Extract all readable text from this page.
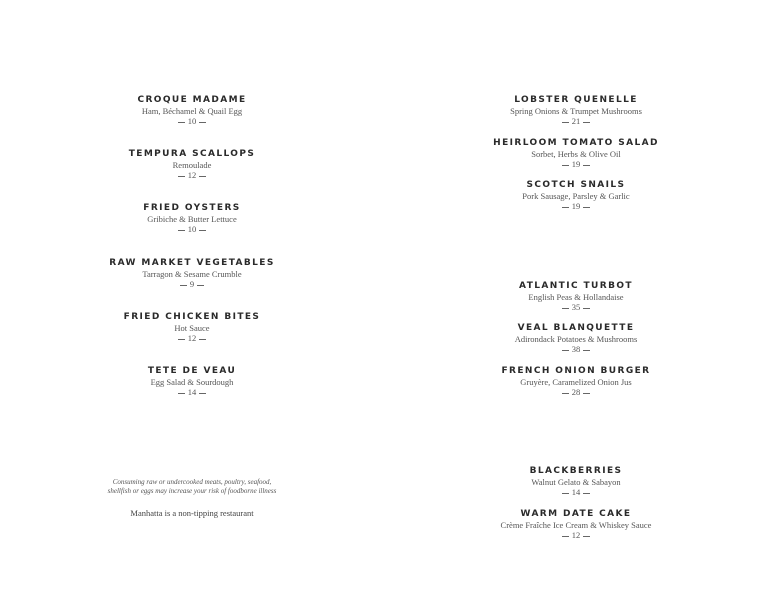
CROQUE MADAME
Ham, Béchamel & Quail Egg
10
TEMPURA SCALLOPS
Remoulade
12
FRIED OYSTERS
Gribiche & Butter Lettuce
10
RAW MARKET VEGETABLES
Tarragon & Sesame Crumble
9
FRIED CHICKEN BITES
Hot Sauce
12
TETE DE VEAU
Egg Salad & Sourdough
14
Consuming raw or undercooked meats, poultry, seafood,
shellfish or eggs may increase your risk of foodborne illness
Manhatta is a non-tipping restaurant
LOBSTER QUENELLE
Spring Onions & Trumpet Mushrooms
21
HEIRLOOM TOMATO SALAD
Sorbet, Herbs & Olive Oil
19
SCOTCH SNAILS
Pork Sausage, Parsley & Garlic
19
ATLANTIC TURBOT
English Peas & Hollandaise
35
VEAL BLANQUETTE
Adirondack Potatoes & Mushrooms
38
FRENCH ONION BURGER
Gruyère, Caramelized Onion Jus
28
BLACKBERRIES
Walnut Gelato & Sabayon
14
WARM DATE CAKE
Crème Fraîche Ice Cream & Whiskey Sauce
12
